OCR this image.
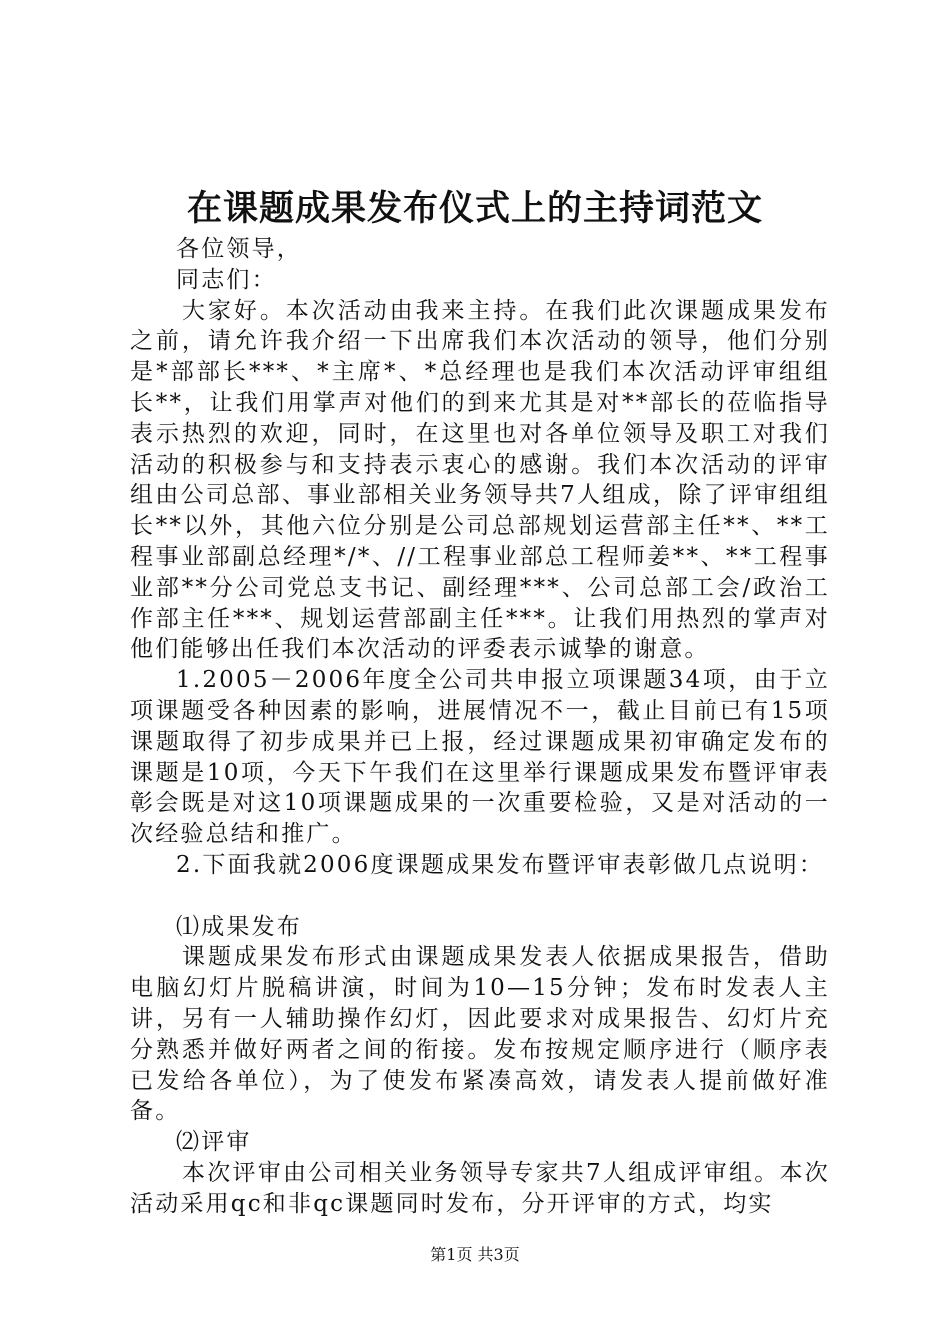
在课题成果发布仪式上的主持词范文

各位领导，

同志们：

大家好。本次活动由我来主持。在我们此次课题成果发布之前，请允许我介绍一下出席我们本次活动的领导，他们分别是*部部长***、*主席*、*总经理也是我们本次活动评审组组长**，让我们用掌声对他们的到来尤其是对**部长的莅临指导表示热烈的欢迎，同时，在这里也对各单位领导及职工对我们活动的积极参与和支持表示衷心的感谢。我们本次活动的评审组由公司总部、事业部相关业务领导共7人组成，除了评审组组长**以外，其他六位分别是公司总部规划运营部主任**、**工程事业部副总经理*/*、//工程事业部总工程师姜**、**工程事业部**分公司党总支书记、副经理***、公司总部工会/政治工作部主任***、规划运营部副主任***。让我们用热烈的掌声对他们能够出任我们本次活动的评委表示诚挚的谢意。

1.2005－2006年度全公司共申报立项课题34项，由于立项课题受各种因素的影响，进展情况不一，截止目前已有15项课题取得了初步成果并已上报，经过课题成果初审确定发布的课题是10项，今天下午我们在这里举行课题成果发布暨评审表彰会既是对这10项课题成果的一次重要检验，又是对活动的一次经验总结和推广。

2.下面我就2006度课题成果发布暨评审表彰做几点说明：

⑴成果发布

课题成果发布形式由课题成果发表人依据成果报告，借助电脑幻灯片脱稿讲演，时间为10—15分钟；发布时发表人主讲，另有一人辅助操作幻灯，因此要求对成果报告、幻灯片充分熟悉并做好两者之间的衔接。发布按规定顺序进行（顺序表已发给各单位），为了使发布紧凑高效，请发表人提前做好准备。

⑵评审

本次评审由公司相关业务领导专家共7人组成评审组。本次活动采用qc和非qc课题同时发布，分开评审的方式，均实

第1页 共3页
